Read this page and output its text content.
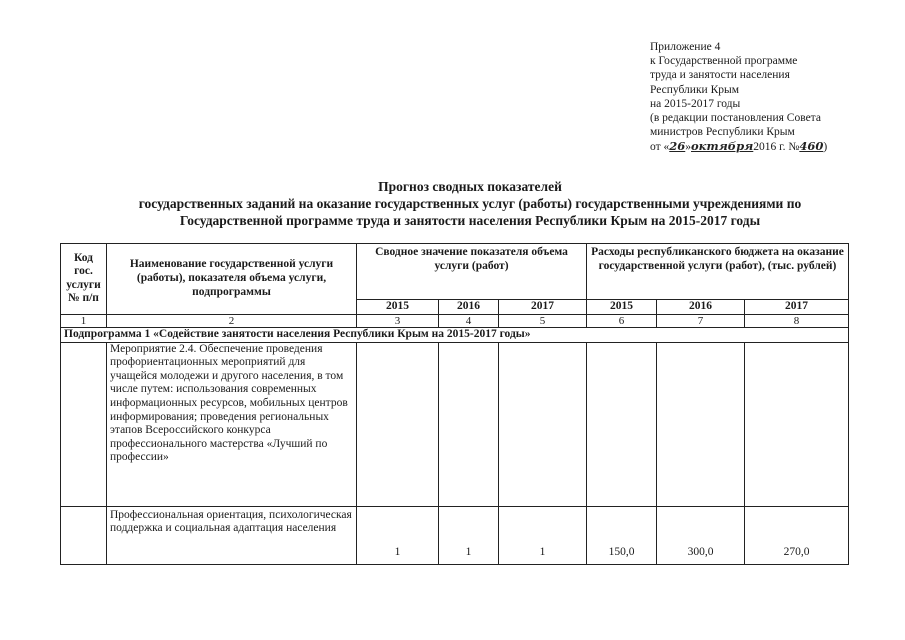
Приложение 4
к Государственной программе
труда и занятости населения
Республики Крым
на 2015-2017 годы
(в редакции постановления Совета
министров Республики Крым
от «26»октября2016 г. №460)
Прогноз сводных показателей
государственных заданий на оказание государственных услуг (работы) государственными учреждениями по
Государственной программе труда и занятости населения Республики Крым на 2015-2017 годы
Код гос. услуги № п/п	Наименование государственной услуги (работы), показателя объема услуги, подпрограммы	Сводное значение показателя объема услуги (работ)			Расходы республиканского бюджета на оказание государственной услуги (работ), (тыс. рублей)		
		2015	2016	2017	2015	2016	2017
1	2	3	4	5	6	7	8
Подпрограмма 1 «Содействие занятости населения Республики Крым на 2015-2017 годы»							
	Мероприятие 2.4. Обеспечение проведения профориентационных мероприятий для учащейся молодежи и другого населения, в том числе путем: использования современных информационных ресурсов, мобильных центров информирования; проведения региональных этапов Всероссийского конкурса профессионального мастерства «Лучший по профессии»						
	Профессиональная ориентация, психологическая поддержка и социальная адаптация населения	1	1	1	150,0	300,0	270,0
